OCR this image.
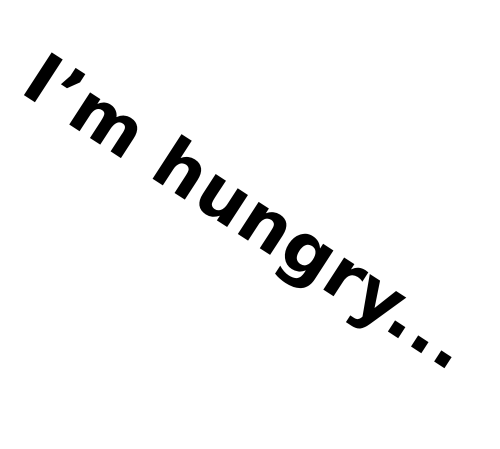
I’m hungry...
